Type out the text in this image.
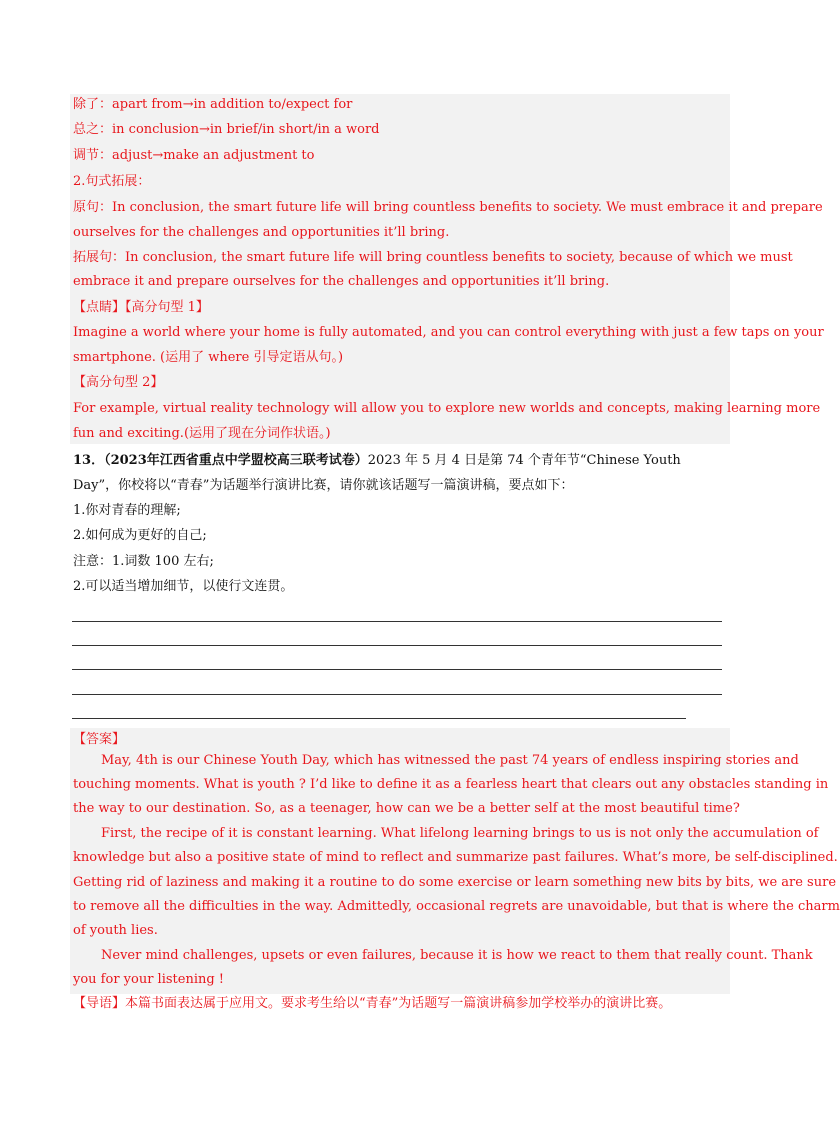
除了：apart from→in addition to/expect for
总之：in conclusion→in brief/in short/in a word
调节：adjust→make an adjustment to
2.句式拓展：
原句：In conclusion, the smart future life will bring countless benefits to society. We must embrace it and prepare
ourselves for the challenges and opportunities it’ll bring.
拓展句：In conclusion, the smart future life will bring countless benefits to society, because of which we must
embrace it and prepare ourselves for the challenges and opportunities it’ll bring.
【点睛】【高分句型 1】
Imagine a world where your home is fully automated, and you can control everything with just a few taps on your
smartphone. (运用了 where 引导定语从句。)
【高分句型 2】
For example, virtual reality technology will allow you to explore new worlds and concepts, making learning more
fun and exciting.(运用了现在分词作状语。)
13．（2023年江西省重点中学盟校高三联考试卷）2023 年 5 月 4 日是第 74 个青年节“Chinese Youth
Day”，你校将以“青春”为话题举行演讲比赛，请你就该话题写一篇演讲稿，要点如下：
1.你对青春的理解;
2.如何成为更好的自己;
注意：1.词数 100 左右;
2.可以适当增加细节，以使行文连贯。
【答案】
May, 4th is our Chinese Youth Day, which has witnessed the past 74 years of endless inspiring stories and
touching moments. What is youth ? I’d like to define it as a fearless heart that clears out any obstacles standing in
the way to our destination. So, as a teenager, how can we be a better self at the most beautiful time?
First, the recipe of it is constant learning. What lifelong learning brings to us is not only the accumulation of
knowledge but also a positive state of mind to reflect and summarize past failures. What’s more, be self-disciplined.
Getting rid of laziness and making it a routine to do some exercise or learn something new bits by bits, we are sure
to remove all the difficulties in the way. Admittedly, occasional regrets are unavoidable, but that is where the charm
of youth lies.
Never mind challenges, upsets or even failures, because it is how we react to them that really count. Thank
you for your listening !
【导语】本篇书面表达属于应用文。要求考生给以“青春”为话题写一篇演讲稿参加学校举办的演讲比赛。
